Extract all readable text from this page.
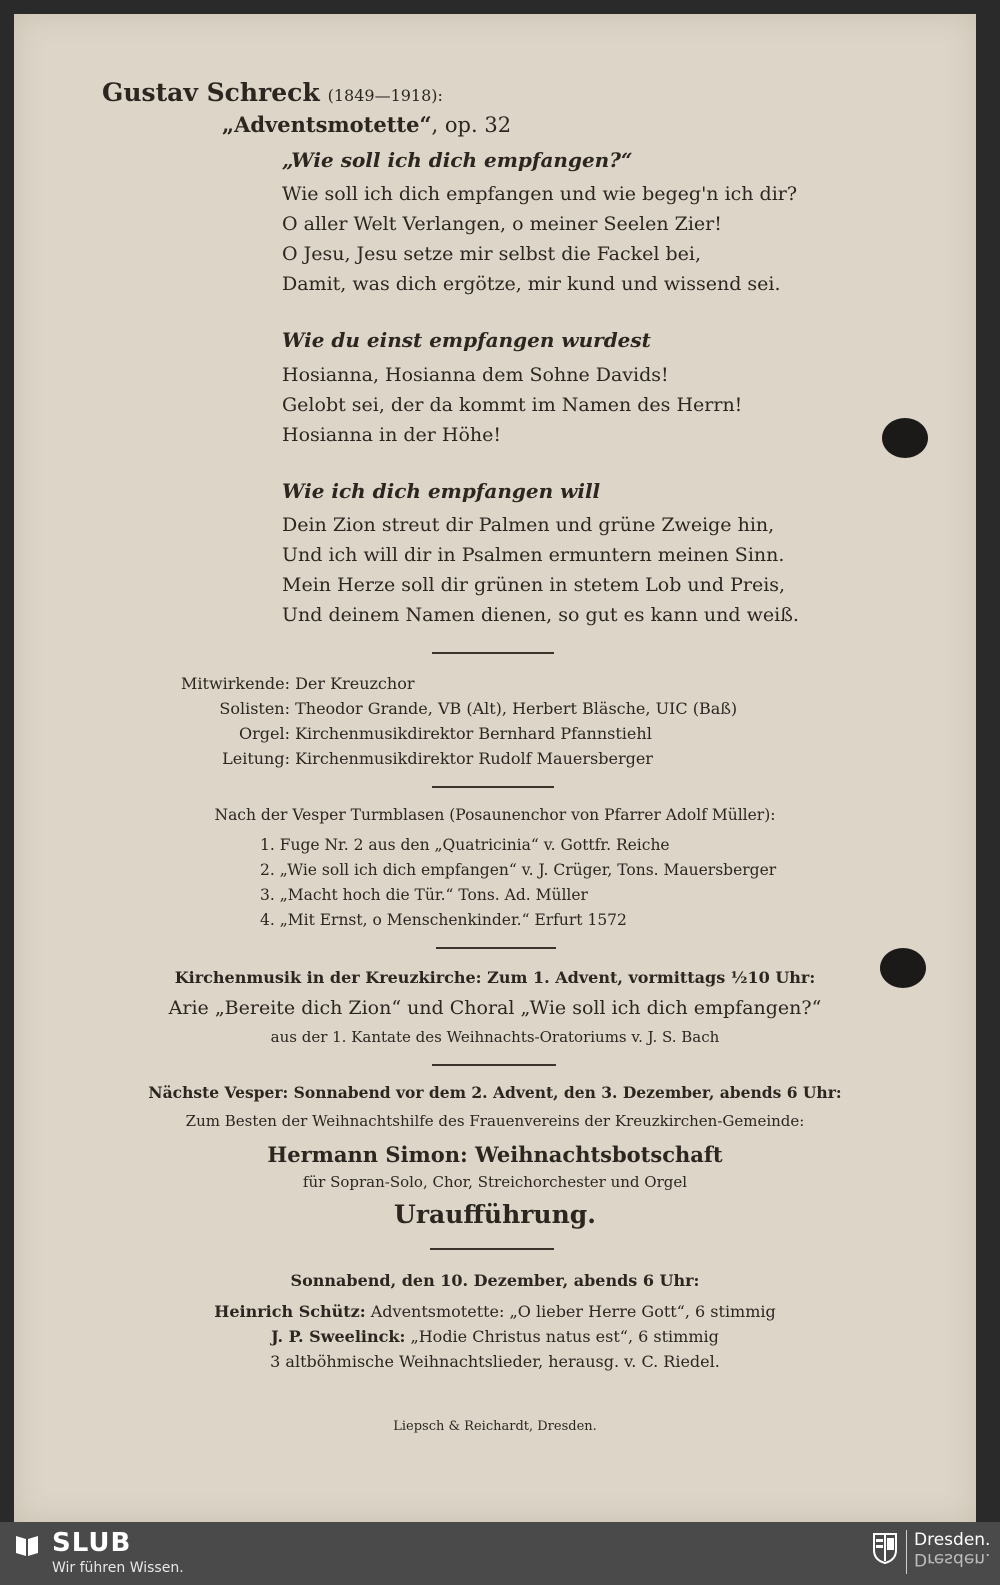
Gustav Schreck (1849—1918):
„Adventsmotette“, op. 32
„Wie soll ich dich empfangen?“
Wie soll ich dich empfangen und wie begeg'n ich dir?
O aller Welt Verlangen, o meiner Seelen Zier!
O Jesu, Jesu setze mir selbst die Fackel bei,
Damit, was dich ergötze, mir kund und wissend sei.
Wie du einst empfangen wurdest
Hosianna, Hosianna dem Sohne Davids!
Gelobt sei, der da kommt im Namen des Herrn!
Hosianna in der Höhe!
Wie ich dich empfangen will
Dein Zion streut dir Palmen und grüne Zweige hin,
Und ich will dir in Psalmen ermuntern meinen Sinn.
Mein Herze soll dir grünen in stetem Lob und Preis,
Und deinem Namen dienen, so gut es kann und weiß.
Mitwirkende: Der Kreuzchor
Solisten: Theodor Grande, VB (Alt), Herbert Bläsche, UIC (Baß)
Orgel: Kirchenmusikdirektor Bernhard Pfannstiehl
Leitung: Kirchenmusikdirektor Rudolf Mauersberger
Nach der Vesper Turmblasen (Posaunenchor von Pfarrer Adolf Müller):
1. Fuge Nr. 2 aus den „Quatricinia“ v. Gottfr. Reiche
2. „Wie soll ich dich empfangen“ v. J. Crüger, Tons. Mauersberger
3. „Macht hoch die Tür.“ Tons. Ad. Müller
4. „Mit Ernst, o Menschenkinder.“ Erfurt 1572
Kirchenmusik in der Kreuzkirche: Zum 1. Advent, vormittags ½10 Uhr:
Arie „Bereite dich Zion“ und Choral „Wie soll ich dich empfangen?“
aus der 1. Kantate des Weihnachts-Oratoriums v. J. S. Bach
Nächste Vesper: Sonnabend vor dem 2. Advent, den 3. Dezember, abends 6 Uhr:
Zum Besten der Weihnachtshilfe des Frauenvereins der Kreuzkirchen-Gemeinde:
Hermann Simon: Weihnachtsbotschaft
für Sopran-Solo, Chor, Streichorchester und Orgel
Uraufführung.
Sonnabend, den 10. Dezember, abends 6 Uhr:
Heinrich Schütz: Adventsmotette: „O lieber Herre Gott“, 6 stimmig
J. P. Sweelinck: „Hodie Christus natus est“, 6 stimmig
3 altböhmische Weihnachtslieder, herausg. v. C. Riedel.
Liepsch & Reichardt, Dresden.
SLUB
Wir führen Wissen.
Dresden.
Dresden.
